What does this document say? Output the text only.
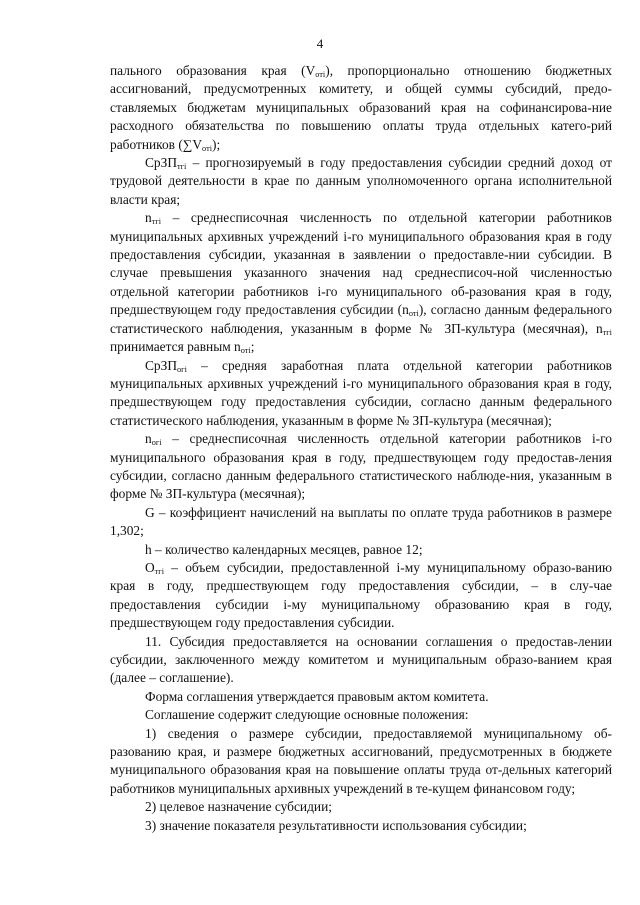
4

пального образования края $(V_{оті})$, пропорционально отношению бюджетных ассигнований, предусмотренных комитету, и общей суммы субсидий, предо-ставляемых бюджетам муниципальных образований края на софинансирова-ние расходного обязательства по повышению оплаты труда отдельных катего-рий работников $(\sum V_{оті})$;

СрЗП$_{тгі}$ – прогнозируемый в году предоставления субсидии средний доход от трудовой деятельности в крае по данным уполномоченного органа исполнительной власти края;

$n_{тгі}$ – среднесписочная численность по отдельной категории работников муниципальных архивных учреждений і-го муниципального образования края в году предоставления субсидии, указанная в заявлении о предоставле-нии субсидии. В случае превышения указанного значения над среднесписоч-ной численностью отдельной категории работников і-го муниципального об-разования края в году, предшествующем году предоставления субсидии $(n_{оті})$, согласно данным федерального статистического наблюдения, указанным в форме № ЗП-культура (месячная), $n_{тгі}$ принимается равным $n_{оті}$;

СрЗП$_{огі}$ – средняя заработная плата отдельной категории работников муниципальных архивных учреждений і-го муниципального образования края в году, предшествующем году предоставления субсидии, согласно данным федерального статистического наблюдения, указанным в форме № ЗП-культура (месячная);

$n_{огі}$ – среднесписочная численность отдельной категории работников і-го муниципального образования края в году, предшествующем году предостав-ления субсидии, согласно данным федерального статистического наблюде-ния, указанным в форме № ЗП-культура (месячная);

G – коэффициент начислений на выплаты по оплате труда работников в размере 1,302;

h – количество календарных месяцев, равное 12;

$О_{тгі}$ – объем субсидии, предоставленной і-му муниципальному образо-ванию края в году, предшествующем году предоставления субсидии, – в слу-чае предоставления субсидии і-му муниципальному образованию края в году, предшествующем году предоставления субсидии.

11. Субсидия предоставляется на основании соглашения о предостав-лении субсидии, заключенного между комитетом и муниципальным образо-ванием края (далее – соглашение).

Форма соглашения утверждается правовым актом комитета.

Соглашение содержит следующие основные положения:

1) сведения о размере субсидии, предоставляемой муниципальному об-разованию края, и размере бюджетных ассигнований, предусмотренных в бюджете муниципального образования края на повышение оплаты труда от-дельных категорий работников муниципальных архивных учреждений в те-кущем финансовом году;

2) целевое назначение субсидии;

3) значение показателя результативности использования субсидии;
